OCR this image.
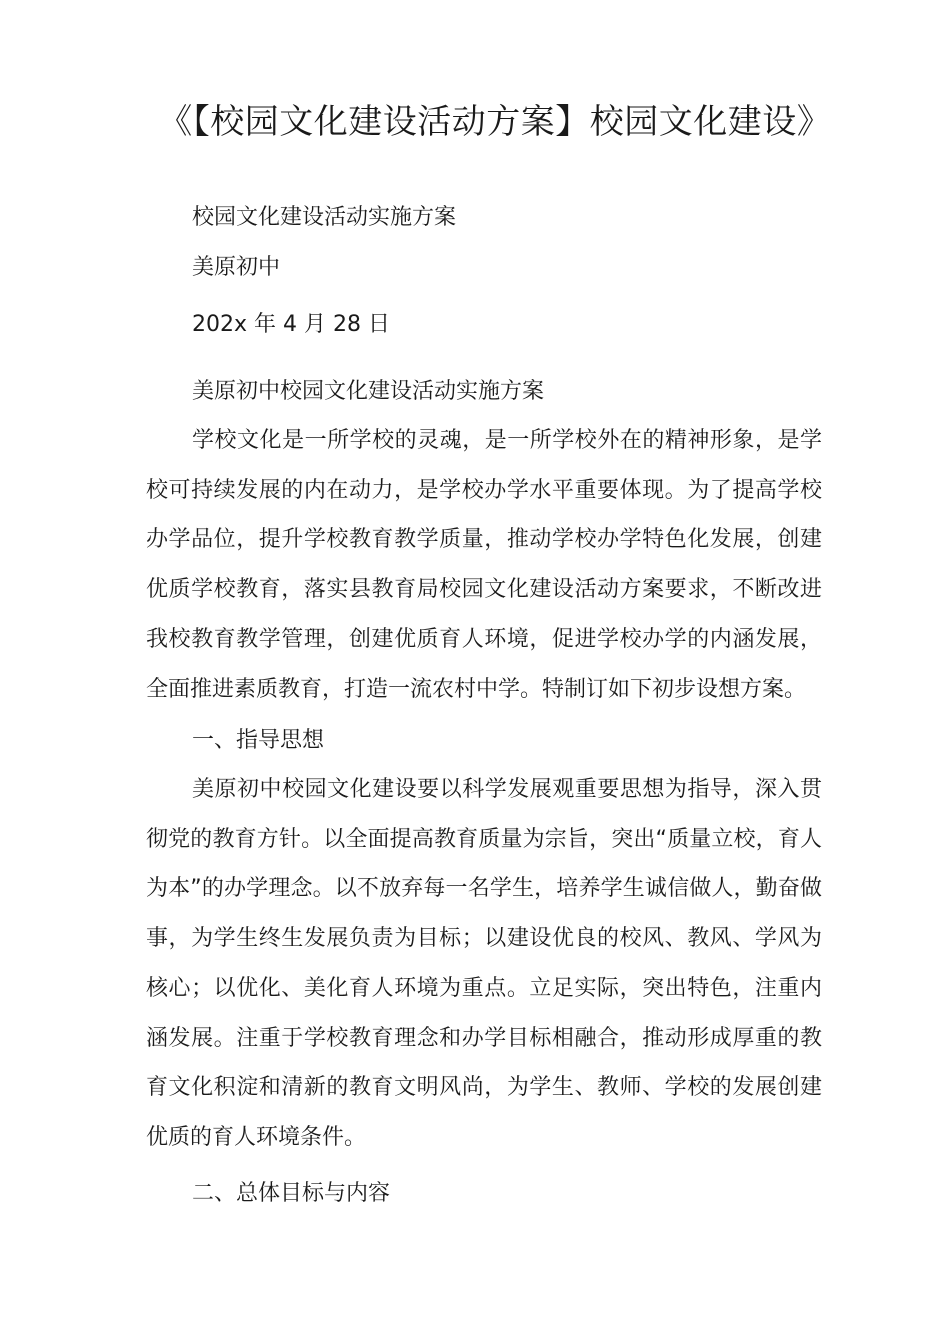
《【校园文化建设活动方案】校园文化建设》

校园文化建设活动实施方案

美原初中

202x 年 4 月 28 日

美原初中校园文化建设活动实施方案

学校文化是一所学校的灵魂，是一所学校外在的精神形象，是学校可持续发展的内在动力，是学校办学水平重要体现。为了提高学校办学品位，提升学校教育教学质量，推动学校办学特色化发展，创建优质学校教育，落实县教育局校园文化建设活动方案要求，不断改进我校教育教学管理，创建优质育人环境，促进学校办学的内涵发展，全面推进素质教育，打造一流农村中学。特制订如下初步设想方案。

一、指导思想

美原初中校园文化建设要以科学发展观重要思想为指导，深入贯彻党的教育方针。以全面提高教育质量为宗旨，突出“质量立校，育人为本”的办学理念。以不放弃每一名学生，培养学生诚信做人，勤奋做事，为学生终生发展负责为目标；以建设优良的校风、教风、学风为核心；以优化、美化育人环境为重点。立足实际，突出特色，注重内涵发展。注重于学校教育理念和办学目标相融合，推动形成厚重的教育文化积淀和清新的教育文明风尚，为学生、教师、学校的发展创建优质的育人环境条件。

二、总体目标与内容
